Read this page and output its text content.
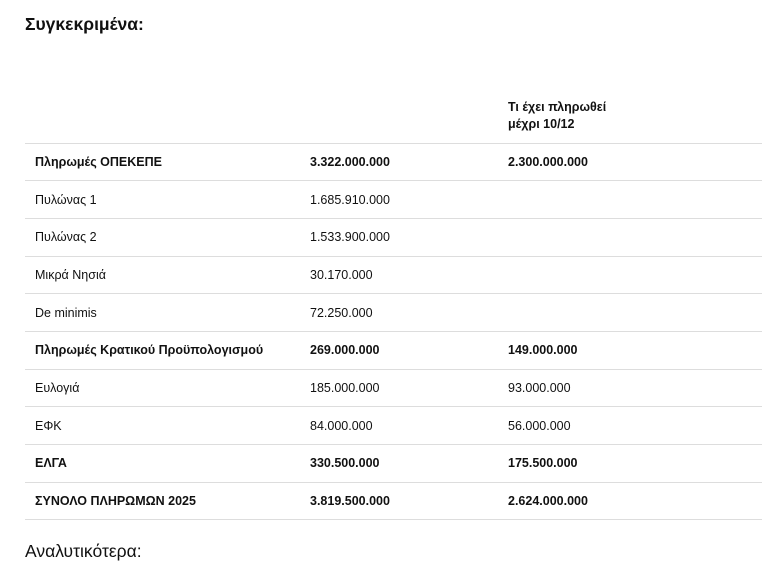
Συγκεκριμένα:
		Τι έχει πληρωθεί
μέχρι 10/12
Πληρωμές ΟΠΕΚΕΠΕ	3.322.000.000	2.300.000.000
Πυλώνας 1	1.685.910.000	
Πυλώνας 2	1.533.900.000	
Μικρά Νησιά	30.170.000	
De minimis	72.250.000	
Πληρωμές Κρατικού Προϋπολογισμού	269.000.000	149.000.000
Ευλογιά	185.000.000	93.000.000
ΕΦΚ	84.000.000	56.000.000
ΕΛΓΑ	330.500.000	175.500.000
ΣΥΝΟΛΟ ΠΛΗΡΩΜΩΝ 2025	3.819.500.000	2.624.000.000
Αναλυτικότερα:
